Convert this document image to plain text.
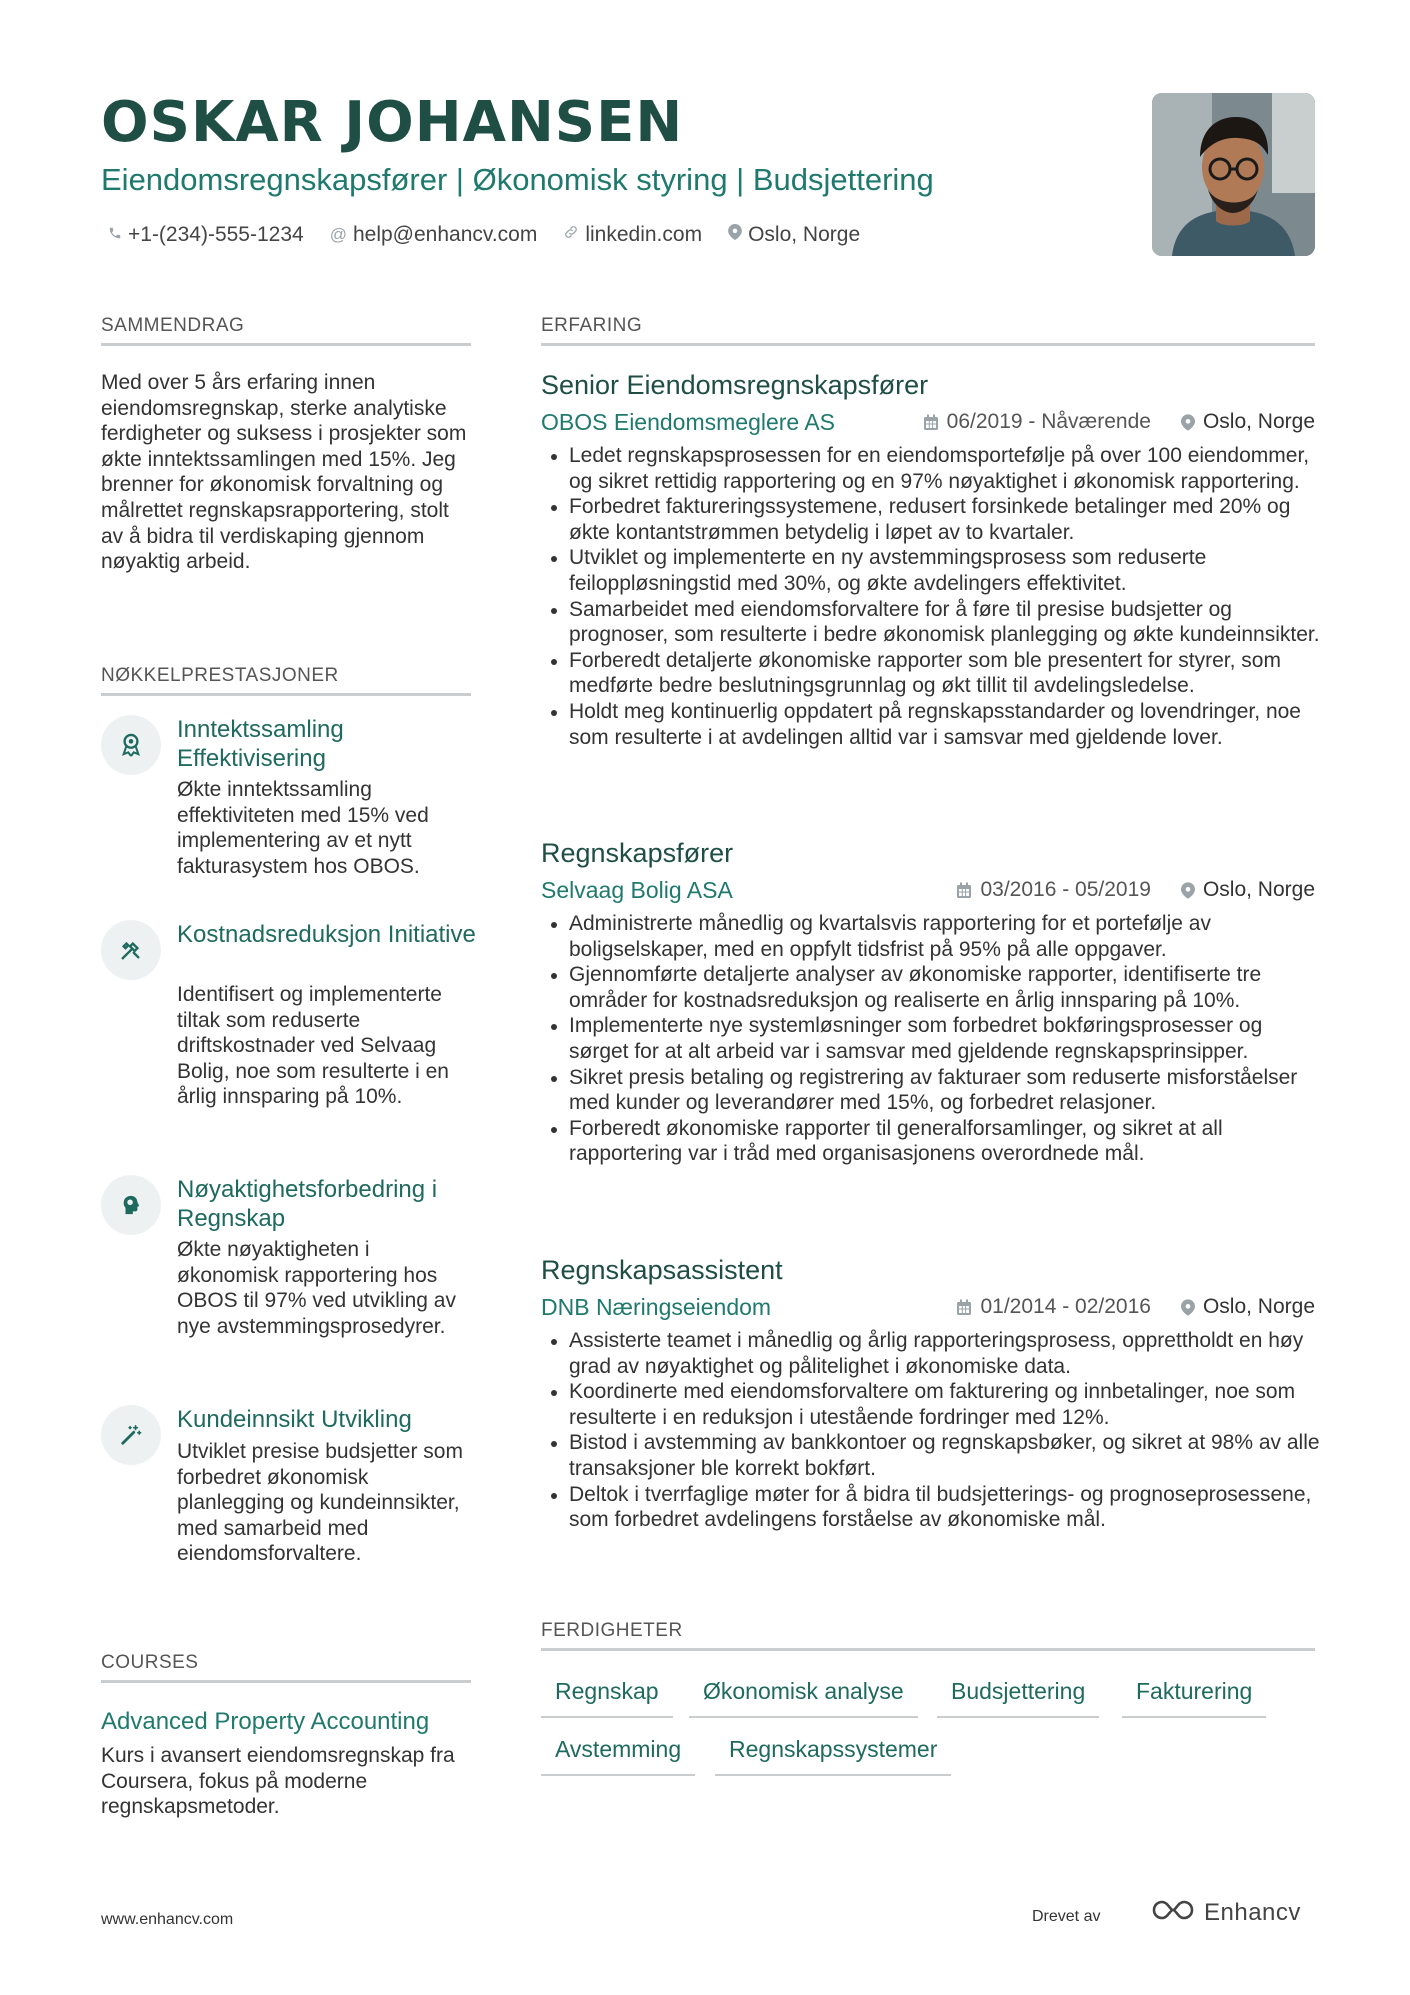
OSKAR JOHANSEN
Eiendomsregnskapsfører | Økonomisk styring | Budsjettering
+1-(234)-555-1234 @ help@enhancv.com linkedin.com Oslo, Norge
SAMMENDRAG
Med over 5 års erfaring innen eiendomsregnskap, sterke analytiske ferdigheter og suksess i prosjekter som økte inntektssamlingen med 15%. Jeg brenner for økonomisk forvaltning og målrettet regnskapsrapportering, stolt av å bidra til verdiskaping gjennom nøyaktig arbeid.
NØKKELPRESTASJONER
Inntektssamling Effektivisering
Økte inntektssamling effektiviteten med 15% ved implementering av et nytt fakturasystem hos OBOS.
Kostnadsreduksjon Initiative
Identifisert og implementerte tiltak som reduserte driftskostnader ved Selvaag Bolig, noe som resulterte i en årlig innsparing på 10%.
Nøyaktighetsforbedring i Regnskap
Økte nøyaktigheten i økonomisk rapportering hos OBOS til 97% ved utvikling av nye avstemmingsprosedyrer.
Kundeinnsikt Utvikling
Utviklet presise budsjetter som forbedret økonomisk planlegging og kundeinnsikter, med samarbeid med eiendomsforvaltere.
COURSES
Advanced Property Accounting
Kurs i avansert eiendomsregnskap fra Coursera, fokus på moderne regnskapsmetoder.
ERFARING
Senior Eiendomsregnskapsfører
OBOS Eiendomsmeglere AS	06/2019 - Nåværende Oslo, Norge
Ledet regnskapsprosessen for en eiendomsportefølje på over 100 eiendommer, og sikret rettidig rapportering og en 97% nøyaktighet i økonomisk rapportering.
Forbedret faktureringssystemene, redusert forsinkede betalinger med 20% og økte kontantstrømmen betydelig i løpet av to kvartaler.
Utviklet og implementerte en ny avstemmingsprosess som reduserte feiloppløsningstid med 30%, og økte avdelingers effektivitet.
Samarbeidet med eiendomsforvaltere for å føre til presise budsjetter og prognoser, som resulterte i bedre økonomisk planlegging og økte kundeinnsikter.
Forberedt detaljerte økonomiske rapporter som ble presentert for styrer, som medførte bedre beslutningsgrunnlag og økt tillit til avdelingsledelse.
Holdt meg kontinuerlig oppdatert på regnskapsstandarder og lovendringer, noe som resulterte i at avdelingen alltid var i samsvar med gjeldende lover.
Regnskapsfører
Selvaag Bolig ASA	03/2016 - 05/2019 Oslo, Norge
Administrerte månedlig og kvartalsvis rapportering for et portefølje av boligselskaper, med en oppfylt tidsfrist på 95% på alle oppgaver.
Gjennomførte detaljerte analyser av økonomiske rapporter, identifiserte tre områder for kostnadsreduksjon og realiserte en årlig innsparing på 10%.
Implementerte nye systemløsninger som forbedret bokføringsprosesser og sørget for at alt arbeid var i samsvar med gjeldende regnskapsprinsipper.
Sikret presis betaling og registrering av fakturaer som reduserte misforståelser med kunder og leverandører med 15%, og forbedret relasjoner.
Forberedt økonomiske rapporter til generalforsamlinger, og sikret at all rapportering var i tråd med organisasjonens overordnede mål.
Regnskapsassistent
DNB Næringseiendom	01/2014 - 02/2016 Oslo, Norge
Assisterte teamet i månedlig og årlig rapporteringsprosess, opprettholdt en høy grad av nøyaktighet og pålitelighet i økonomiske data.
Koordinerte med eiendomsforvaltere om fakturering og innbetalinger, noe som resulterte i en reduksjon i utestående fordringer med 12%.
Bistod i avstemming av bankkontoer og regnskapsbøker, og sikret at 98% av alle transaksjoner ble korrekt bokført.
Deltok i tverrfaglige møter for å bidra til budsjetterings- og prognoseprosessene, som forbedret avdelingens forståelse av økonomiske mål.
FERDIGHETER
Regnskap	Økonomisk analyse	Budsjettering	Fakturering
Avstemming	Regnskapssystemer
www.enhancv.com	Drevet av	Enhancv
